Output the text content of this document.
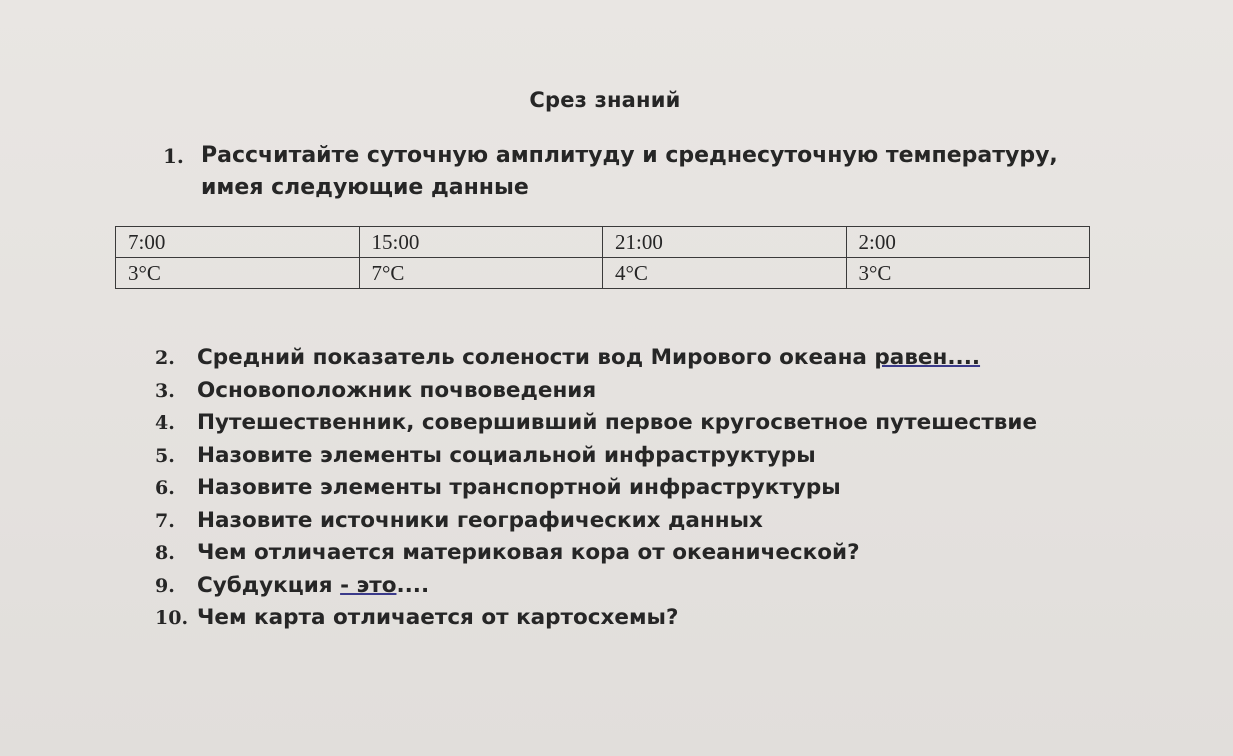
Срез знаний
1. Рассчитайте суточную амплитуду и среднесуточную температуру, имея следующие данные
7:00	15:00	21:00	2:00
3°C	7°C	4°C	3°C
2. Средний показатель солености вод Мирового океана равен....
3. Основоположник почвоведения
4. Путешественник, совершивший первое кругосветное путешествие
5. Назовите элементы социальной инфраструктуры
6. Назовите элементы транспортной инфраструктуры
7. Назовите источники географических данных
8. Чем отличается материковая кора от океанической?
9. Субдукция - это....
10. Чем карта отличается от картосхемы?
